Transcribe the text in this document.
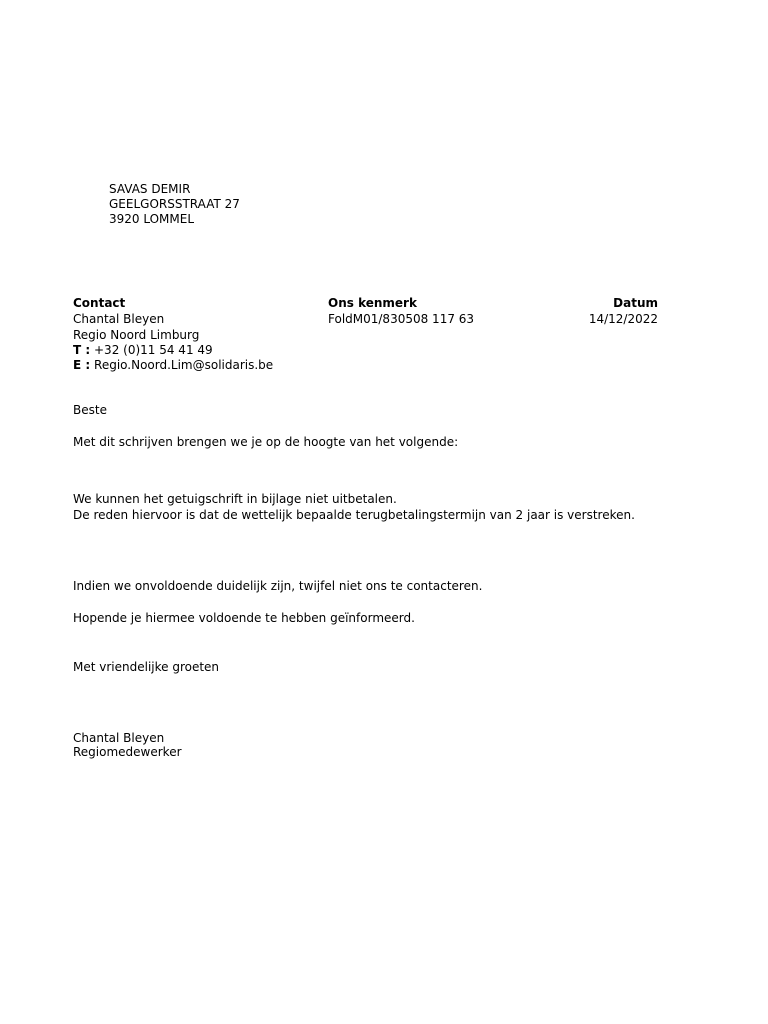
SAVAS DEMIR
GEELGORSSTRAAT 27
3920 LOMMEL
Contact
Chantal Bleyen
Regio Noord Limburg
T : +32 (0)11 54 41 49
E : Regio.Noord.Lim@solidaris.be
Ons kenmerk
FoldM01/830508 117 63
Datum
14/12/2022
Beste
Met dit schrijven brengen we je op de hoogte van het volgende:
We kunnen het getuigschrift in bijlage niet uitbetalen.
De reden hiervoor is dat de wettelijk bepaalde terugbetalingstermijn van 2 jaar is verstreken.
Indien we onvoldoende duidelijk zijn, twijfel niet ons te contacteren.
Hopende je hiermee voldoende te hebben geïnformeerd.
Met vriendelijke groeten
Chantal Bleyen
Regiomedewerker
